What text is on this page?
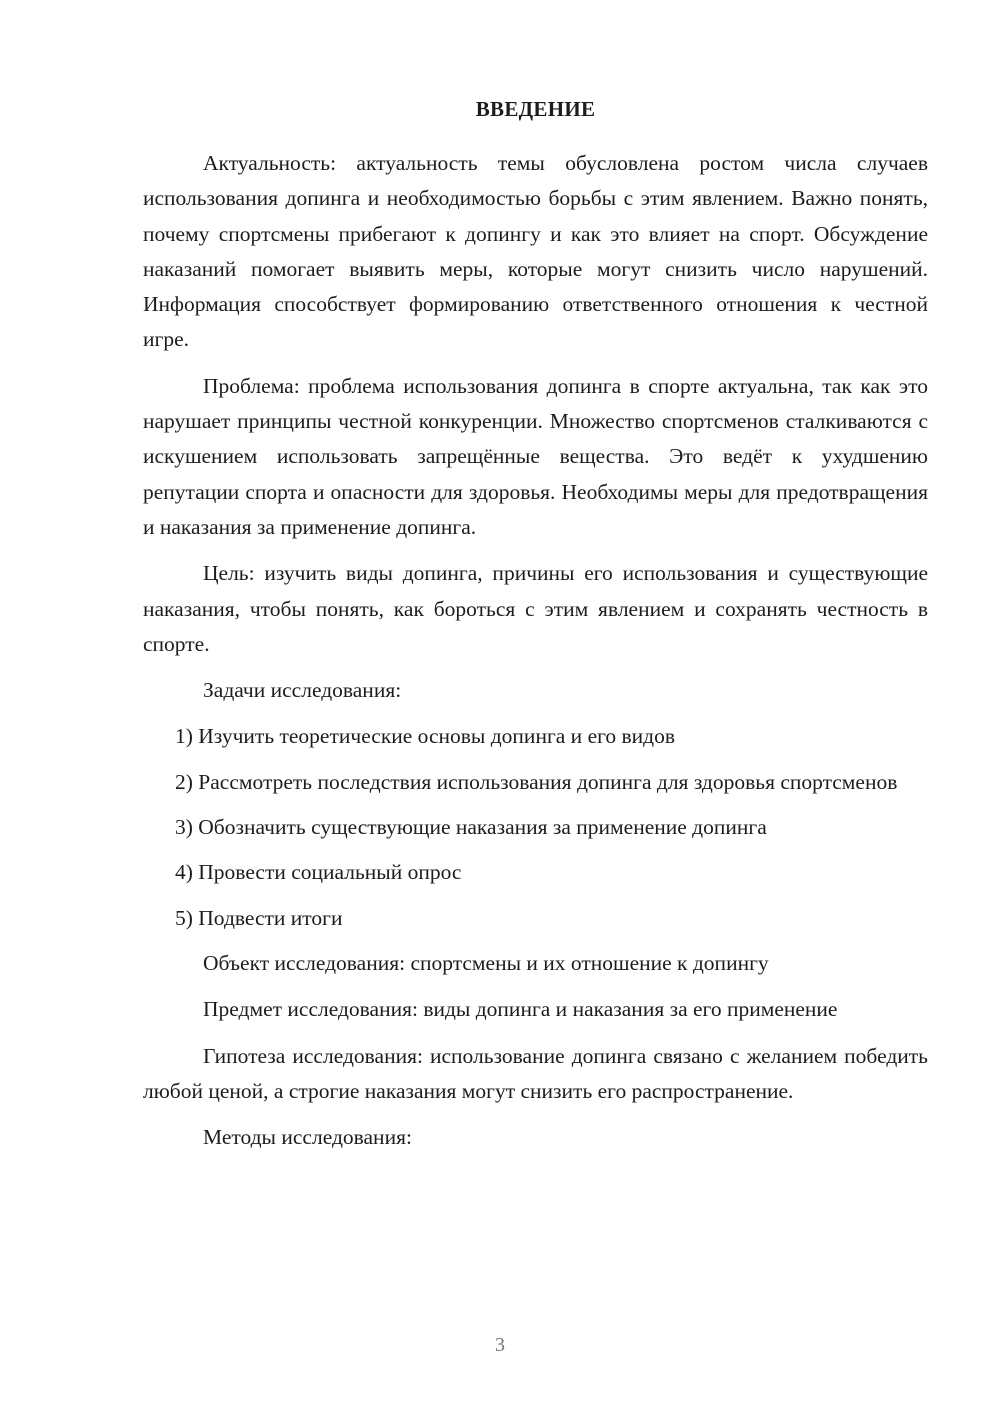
ВВЕДЕНИЕ

Актуальность: актуальность темы обусловлена ростом числа случаев использования допинга и необходимостью борьбы с этим явлением. Важно понять, почему спортсмены прибегают к допингу и как это влияет на спорт. Обсуждение наказаний помогает выявить меры, которые могут снизить число нарушений. Информация способствует формированию ответственного отношения к честной игре.

Проблема: проблема использования допинга в спорте актуальна, так как это нарушает принципы честной конкуренции. Множество спортсменов сталкиваются с искушением использовать запрещённые вещества. Это ведёт к ухудшению репутации спорта и опасности для здоровья. Необходимы меры для предотвращения и наказания за применение допинга.

Цель: изучить виды допинга, причины его использования и существующие наказания, чтобы понять, как бороться с этим явлением и сохранять честность в спорте.

Задачи исследования:

1) Изучить теоретические основы допинга и его видов

2) Рассмотреть последствия использования допинга для здоровья спортсменов

3) Обозначить существующие наказания за применение допинга

4) Провести социальный опрос

5) Подвести итоги

Объект исследования: спортсмены и их отношение к допингу

Предмет исследования: виды допинга и наказания за его применение

Гипотеза исследования: использование допинга связано с желанием победить любой ценой, а строгие наказания могут снизить его распространение.

Методы исследования:

3
